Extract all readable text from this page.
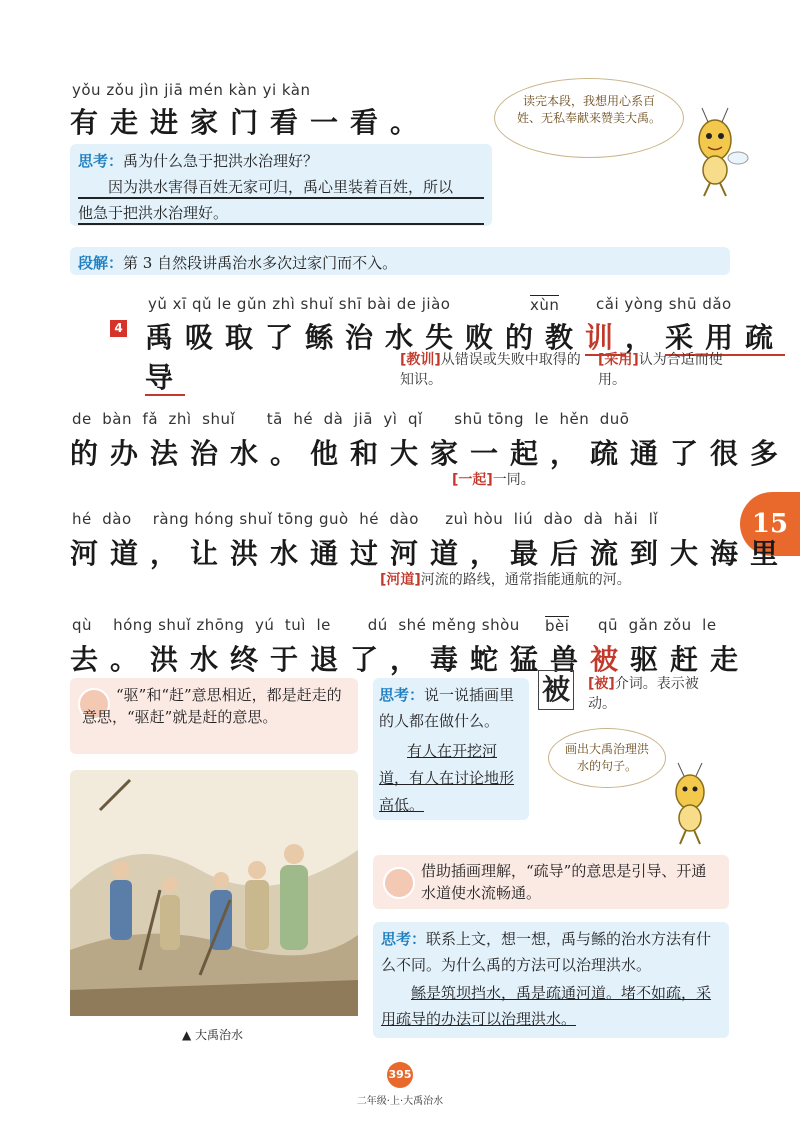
yǒu zǒu jìn jiā mén kàn yi kàn
有走进家门看一看。
读完本段，我想用心系百姓、无私奉献来赞美大禹。
思考：禹为什么急于把洪水治理好？
因为洪水害得百姓无家可归，禹心里装着百姓，所以
他急于把洪水治理好。
段解：第 3 自然段讲禹治水多次过家门而不入。
4
yǔ xī qǔ le gǔn zhì shuǐ shī bài de jiào	xùn cǎi yòng shū dǎo
禹吸取了鲧治水失败的教训，采用疏导
[教训]从错误或失败中取得的知识。
[采用]认为合适而使用。
de  bàn  fǎ  zhì  shuǐ      tā  hé  dà  jiā  yì  qǐ      shū tōng  le  hěn  duō
的办法治水。他和大家一起，疏通了很多
[一起]一同。
15
hé  dào    ràng hóng shuǐ tōng guò  hé  dào     zuì hòu  liú  dào  dà  hǎi  lǐ
河道，让洪水通过河道，最后流到大海里
[河道]河流的路线，通常指能通航的河。
qù    hóng shuǐ zhōng  yú  tuì  le       dú  shé měng shòu bèi qū  gǎn zǒu  le
去。洪水终于退了，毒蛇猛兽被驱赶走
“驱”和“赶”意思相近，都是赶走的意思，“驱赶”就是赶的意思。
思考：说一说插画里的人都在做什么。
有人在开挖河道，有人在讨论地形高低。
被 [被]介词。表示被动。
画出大禹治理洪水的句子。
▲ 大禹治水
借助插画理解，“疏导”的意思是引导、开通水道使水流畅通。
思考：联系上文，想一想，禹与鲧的治水方法有什么不同。为什么禹的方法可以治理洪水。
鲧是筑坝挡水，禹是疏通河道。堵不如疏，采用疏导的办法可以治理洪水。
395
二年级·上·大禹治水
